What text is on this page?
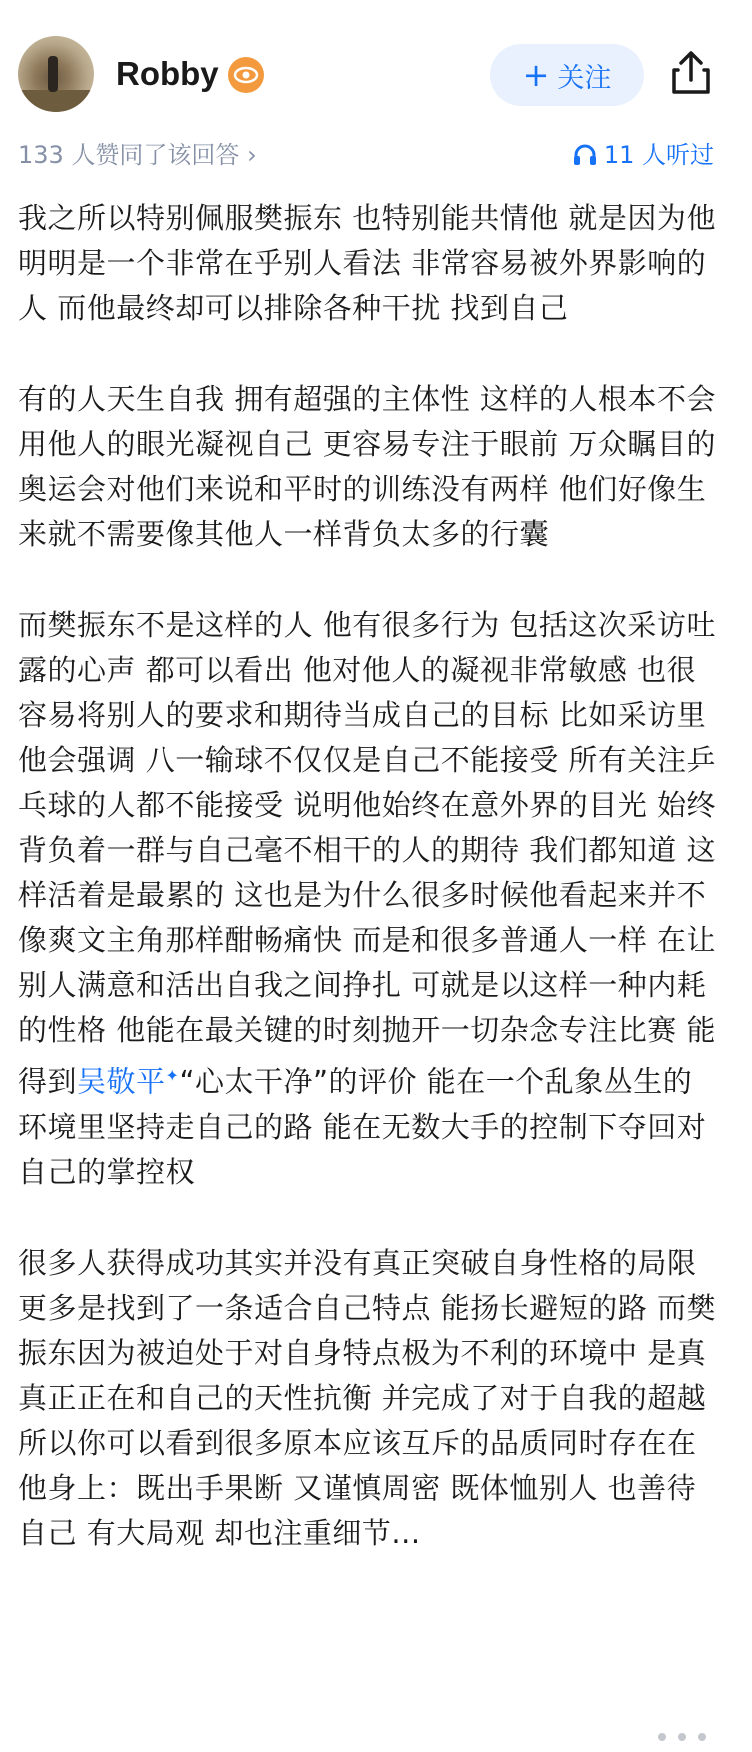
Robby	+ 关注
133 人赞同了该回答 ›	11 人听过

我之所以特别佩服樊振东 也特别能共情他 就是因为他明明是一个非常在乎别人看法 非常容易被外界影响的人 而他最终却可以排除各种干扰 找到自己

有的人天生自我 拥有超强的主体性 这样的人根本不会用他人的眼光凝视自己 更容易专注于眼前 万众瞩目的奥运会对他们来说和平时的训练没有两样 他们好像生来就不需要像其他人一样背负太多的行囊

而樊振东不是这样的人 他有很多行为 包括这次采访吐露的心声 都可以看出 他对他人的凝视非常敏感 也很容易将别人的要求和期待当成自己的目标 比如采访里 他会强调 八一输球不仅仅是自己不能接受 所有关注乒乓球的人都不能接受 说明他始终在意外界的目光 始终背负着一群与自己毫不相干的人的期待 我们都知道 这样活着是最累的 这也是为什么很多时候他看起来并不像爽文主角那样酣畅痛快 而是和很多普通人一样 在让别人满意和活出自我之间挣扎 可就是以这样一种内耗的性格 他能在最关键的时刻抛开一切杂念专注比赛 能得到吴敬平✦“心太干净”的评价 能在一个乱象丛生的环境里坚持走自己的路 能在无数大手的控制下夺回对自己的掌控权

很多人获得成功其实并没有真正突破自身性格的局限 更多是找到了一条适合自己特点 能扬长避短的路 而樊振东因为被迫处于对自身特点极为不利的环境中 是真真正正在和自己的天性抗衡 并完成了对于自我的超越 所以你可以看到很多原本应该互斥的品质同时存在在他身上：既出手果断 又谨慎周密 既体恤别人 也善待自己 有大局观 却也注重细节...
